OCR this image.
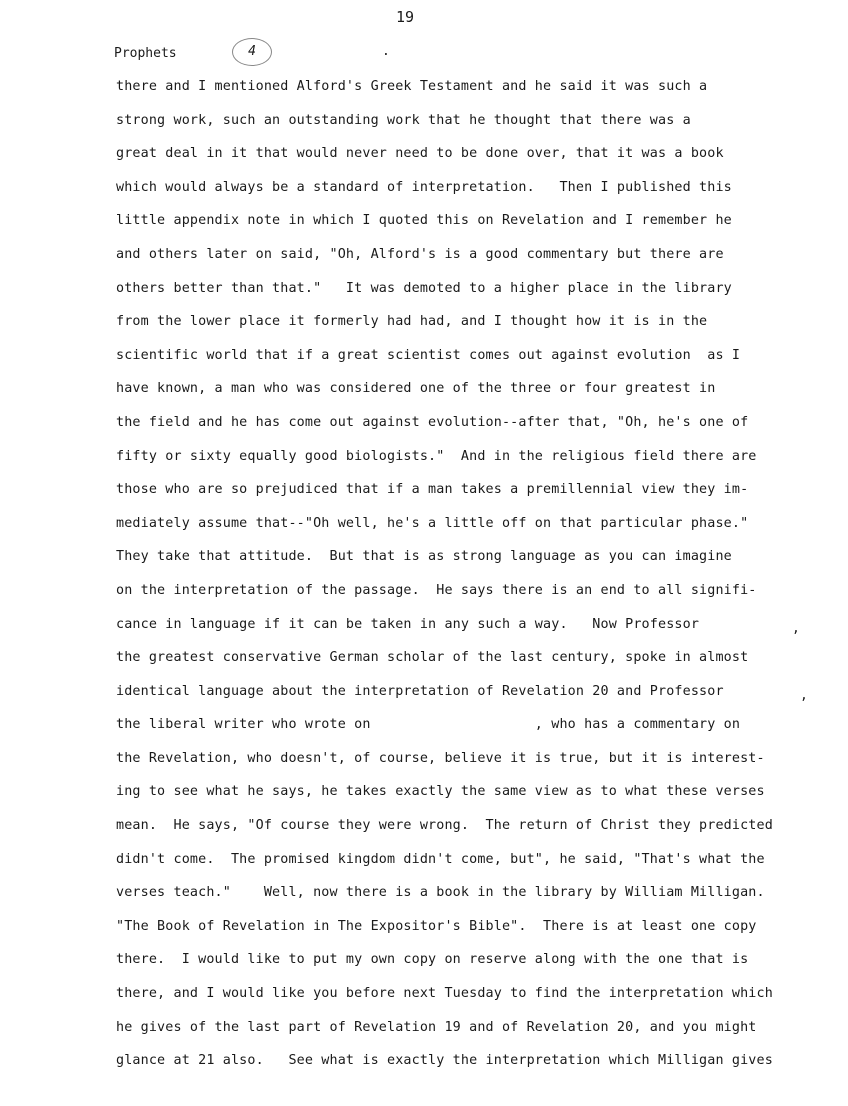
19
Prophets	4	.
there and I mentioned Alford's Greek Testament and he said it was such a
strong work, such an outstanding work that he thought that there was a
great deal in it that would never need to be done over, that it was a book
which would always be a standard of interpretation.   Then I published this
little appendix note in which I quoted this on Revelation and I remember he
and others later on said, "Oh, Alford's is a good commentary but there are
others better than that."   It was demoted to a higher place in the library
from the lower place it formerly had had, and I thought how it is in the
scientific world that if a great scientist comes out against evolution  as I
have known, a man who was considered one of the three or four greatest in
the field and he has come out against evolution--after that, "Oh, he's one of
fifty or sixty equally good biologists."  And in the religious field there are
those who are so prejudiced that if a man takes a premillennial view they im-
mediately assume that--"Oh well, he's a little off on that particular phase."
They take that attitude.  But that is as strong language as you can imagine
on the interpretation of the passage.  He says there is an end to all signifi-
cance in language if it can be taken in any such a way.   Now Professor
the greatest conservative German scholar of the last century, spoke in almost
identical language about the interpretation of Revelation 20 and Professor
the liberal writer who wrote on                    , who has a commentary on
the Revelation, who doesn't, of course, believe it is true, but it is interest-
ing to see what he says, he takes exactly the same view as to what these verses
mean.  He says, "Of course they were wrong.  The return of Christ they predicted
didn't come.  The promised kingdom didn't come, but", he said, "That's what the
verses teach."    Well, now there is a book in the library by William Milligan.
"The Book of Revelation in The Expositor's Bible".  There is at least one copy
there.  I would like to put my own copy on reserve along with the one that is
there, and I would like you before next Tuesday to find the interpretation which
he gives of the last part of Revelation 19 and of Revelation 20, and you might
glance at 21 also.   See what is exactly the interpretation which Milligan gives
,
,
